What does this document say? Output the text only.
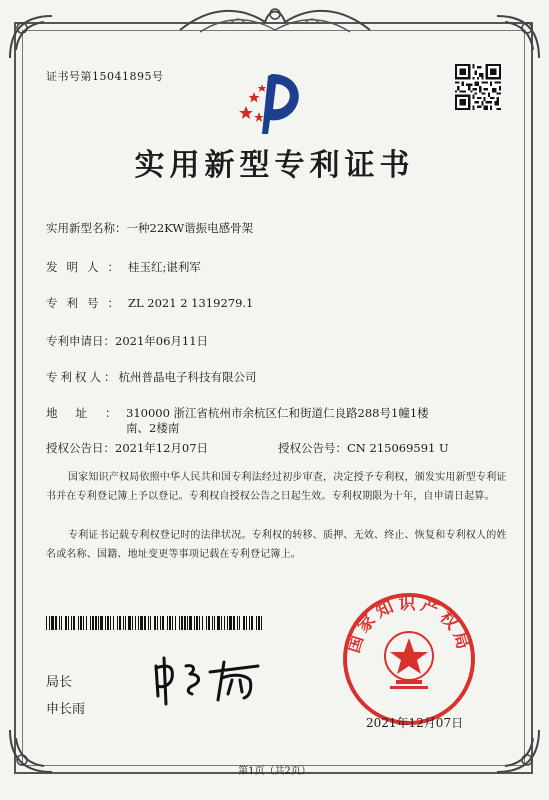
证书号第15041895号
实用新型专利证书
实用新型名称：一种22KW谐振电感骨架
发明人：桂玉红;谌利军
专利号：ZL 2021 2 1319279.1
专利申请日：2021年06月11日
专利权人：杭州普晶电子科技有限公司
地址：310000 浙江省杭州市余杭区仁和街道仁良路288号1幢1楼
南、2楼南
授权公告日：2021年12月07日	授权公告号：CN 215069591 U
国家知识产权局依照中华人民共和国专利法经过初步审查，决定授予专利权，颁发实用新型专利证书并在专利登记簿上予以登记。专利权自授权公告之日起生效。专利权期限为十年，自申请日起算。
专利证书记载专利权登记时的法律状况。专利权的转移、质押、无效、终止、恢复和专利权人的姓名或名称、国籍、地址变更等事项记载在专利登记簿上。
局长
申长雨
国家知识产权局
2021年12月07日
第1页（共2页）
